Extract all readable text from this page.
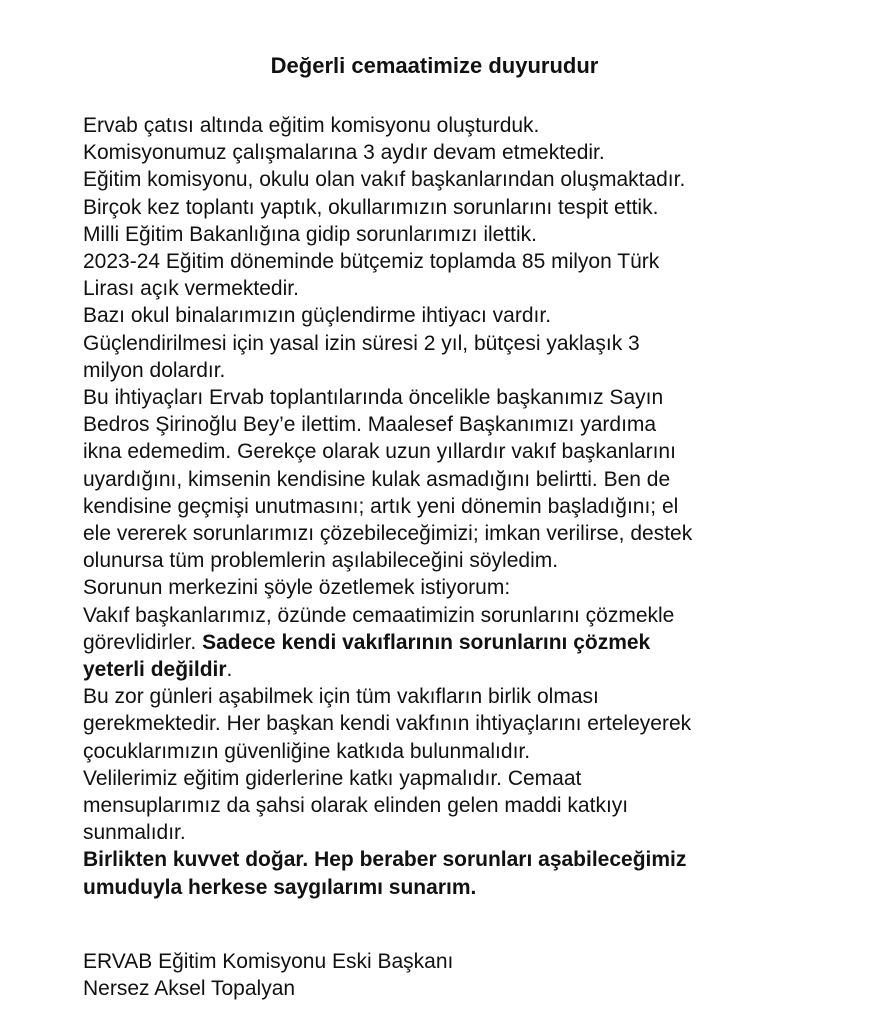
Değerli cemaatimize duyurudur
Ervab çatısı altında eğitim komisyonu oluşturduk.
Komisyonumuz çalışmalarına 3 aydır devam etmektedir.
Eğitim komisyonu, okulu olan vakıf başkanlarından oluşmaktadır.
Birçok kez toplantı yaptık, okullarımızın sorunlarını tespit ettik.
Milli Eğitim Bakanlığına gidip sorunlarımızı ilettik.
2023-24 Eğitim döneminde bütçemiz toplamda 85 milyon Türk
Lirası açık vermektedir.
Bazı okul binalarımızın güçlendirme ihtiyacı vardır.
Güçlendirilmesi için yasal izin süresi 2 yıl, bütçesi yaklaşık 3
milyon dolardır.
Bu ihtiyaçları Ervab toplantılarında öncelikle başkanımız Sayın
Bedros Şirinoğlu Bey’e ilettim. Maalesef Başkanımızı yardıma
ikna edemedim. Gerekçe olarak uzun yıllardır vakıf başkanlarını
uyardığını, kimsenin kendisine kulak asmadığını belirtti. Ben de
kendisine geçmişi unutmasını; artık yeni dönemin başladığını; el
ele vererek sorunlarımızı çözebileceğimizi; imkan verilirse, destek
olunursa tüm problemlerin aşılabileceğini söyledim.
Sorunun merkezini şöyle özetlemek istiyorum:
Vakıf başkanlarımız, özünde cemaatimizin sorunlarını çözmekle
görevlidirler. Sadece kendi vakıflarının sorunlarını çözmek
yeterli değildir.
Bu zor günleri aşabilmek için tüm vakıfların birlik olması
gerekmektedir. Her başkan kendi vakfının ihtiyaçlarını erteleyerek
çocuklarımızın güvenliğine katkıda bulunmalıdır.
Velilerimiz eğitim giderlerine katkı yapmalıdır. Cemaat
mensuplarımız da şahsi olarak elinden gelen maddi katkıyı
sunmalıdır.
Birlikten kuvvet doğar. Hep beraber sorunları aşabileceğimiz
umuduyla herkese saygılarımı sunarım.
ERVAB Eğitim Komisyonu Eski Başkanı
Nersez Aksel Topalyan
